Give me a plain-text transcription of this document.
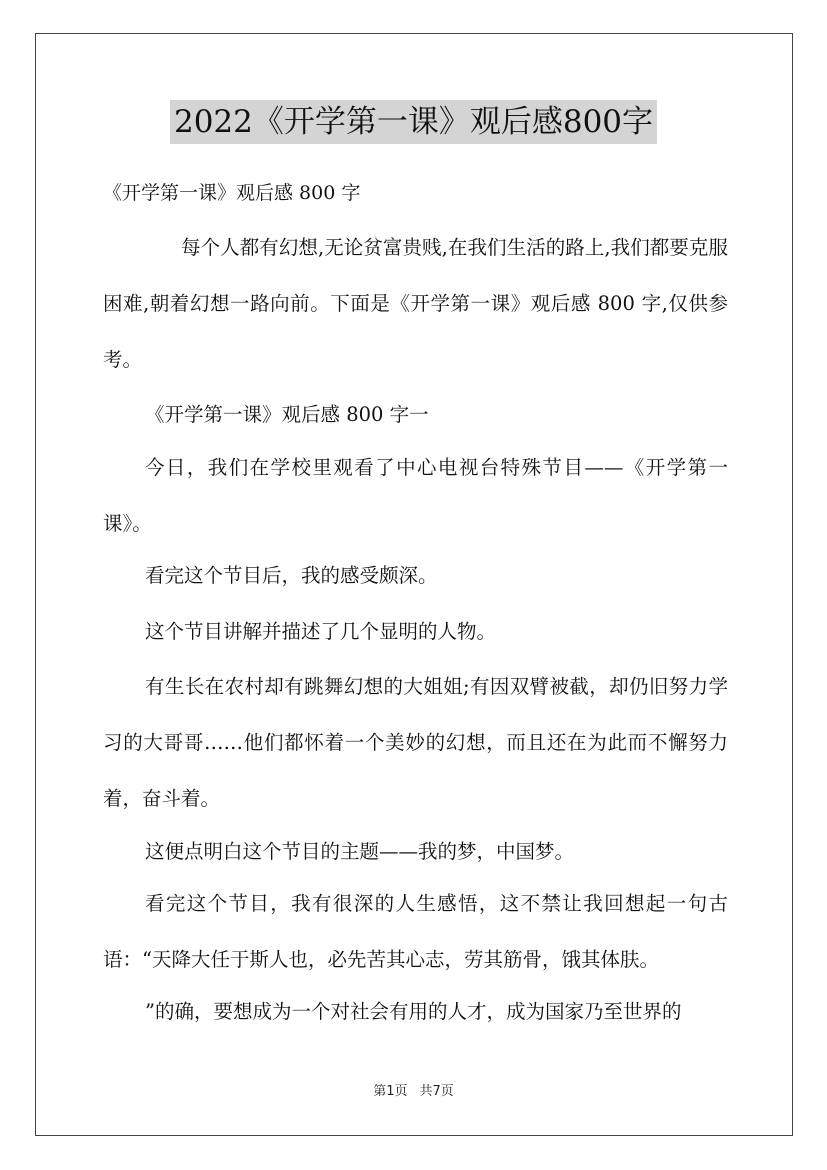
2022《开学第一课》观后感800字
《开学第一课》观后感 800 字

每个人都有幻想,无论贫富贵贱,在我们生活的路上,我们都要克服困难,朝着幻想一路向前。下面是《开学第一课》观后感 800 字,仅供参考。

《开学第一课》观后感 800 字一

今日，我们在学校里观看了中心电视台特殊节目——《开学第一课》。

看完这个节目后，我的感受颇深。

这个节目讲解并描述了几个显明的人物。

有生长在农村却有跳舞幻想的大姐姐;有因双臂被截，却仍旧努力学习的大哥哥……他们都怀着一个美妙的幻想，而且还在为此而不懈努力着，奋斗着。

这便点明白这个节目的主题——我的梦，中国梦。

看完这个节目，我有很深的人生感悟，这不禁让我回想起一句古语：“天降大任于斯人也，必先苦其心志，劳其筋骨，饿其体肤。

”的确，要想成为一个对社会有用的人才，成为国家乃至世界的

第1页 共7页
